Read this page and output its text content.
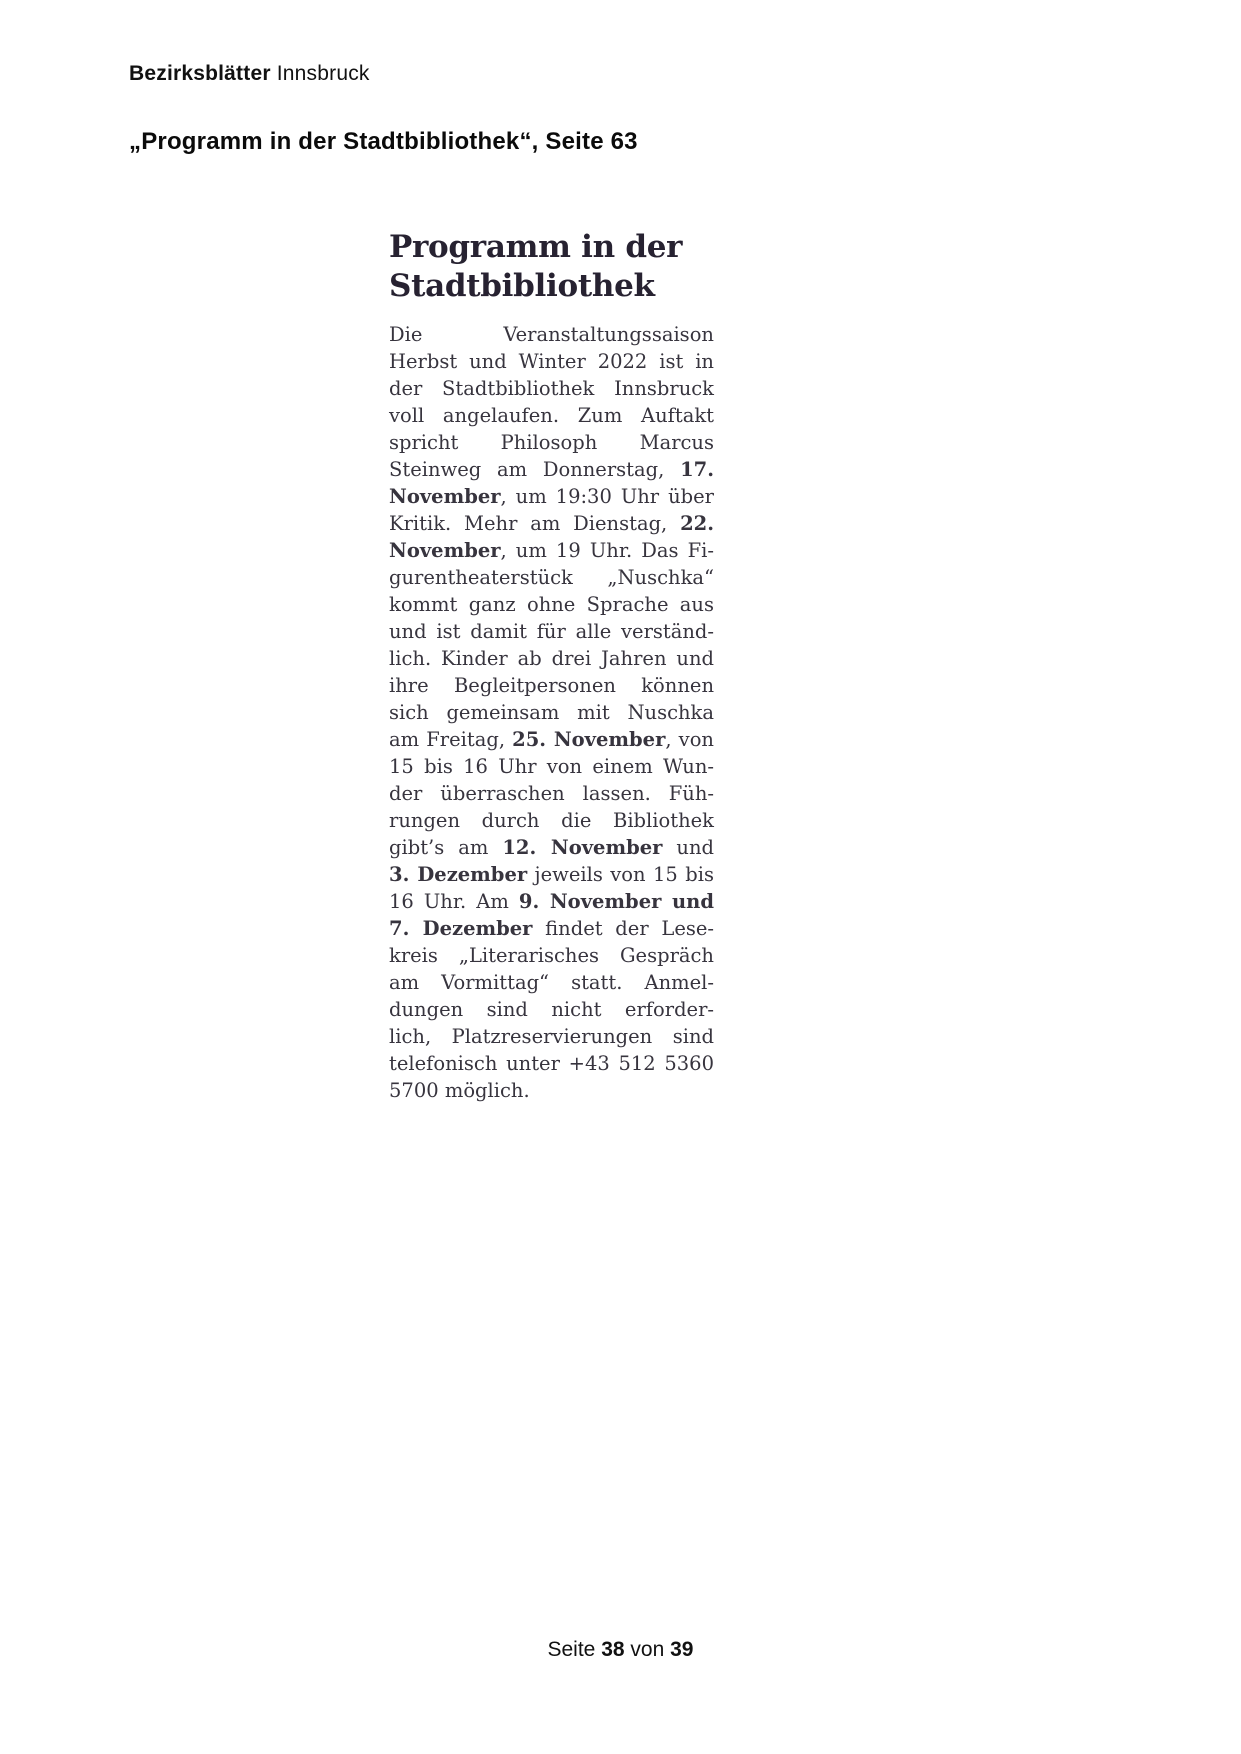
Bezirksblätter Innsbruck
„Programm in der Stadtbibliothek“, Seite 63
Programm in der
Stadtbibliothek
Die Veranstaltungssaison
Herbst und Winter 2022 ist in
der Stadtbibliothek Innsbruck
voll angelaufen. Zum Auftakt
spricht Philosoph Marcus
Steinweg am Donnerstag, 17.
November, um 19:30 Uhr über
Kritik. Mehr am Dienstag, 22.
November, um 19 Uhr. Das Fi-
gurentheaterstück „Nuschka“
kommt ganz ohne Sprache aus
und ist damit für alle verständ-
lich. Kinder ab drei Jahren und
ihre Begleitpersonen können
sich gemeinsam mit Nuschka
am Freitag, 25. November, von
15 bis 16 Uhr von einem Wun-
der überraschen lassen. Füh-
rungen durch die Bibliothek
gibt’s am 12. November und
3. Dezember jeweils von 15 bis
16 Uhr. Am 9. November und
7. Dezember findet der Lese-
kreis „Literarisches Gespräch
am Vormittag“ statt. Anmel-
dungen sind nicht erforder-
lich, Platzreservierungen sind
telefonisch unter +43 512 5360
5700 möglich.
Seite 38 von 39
